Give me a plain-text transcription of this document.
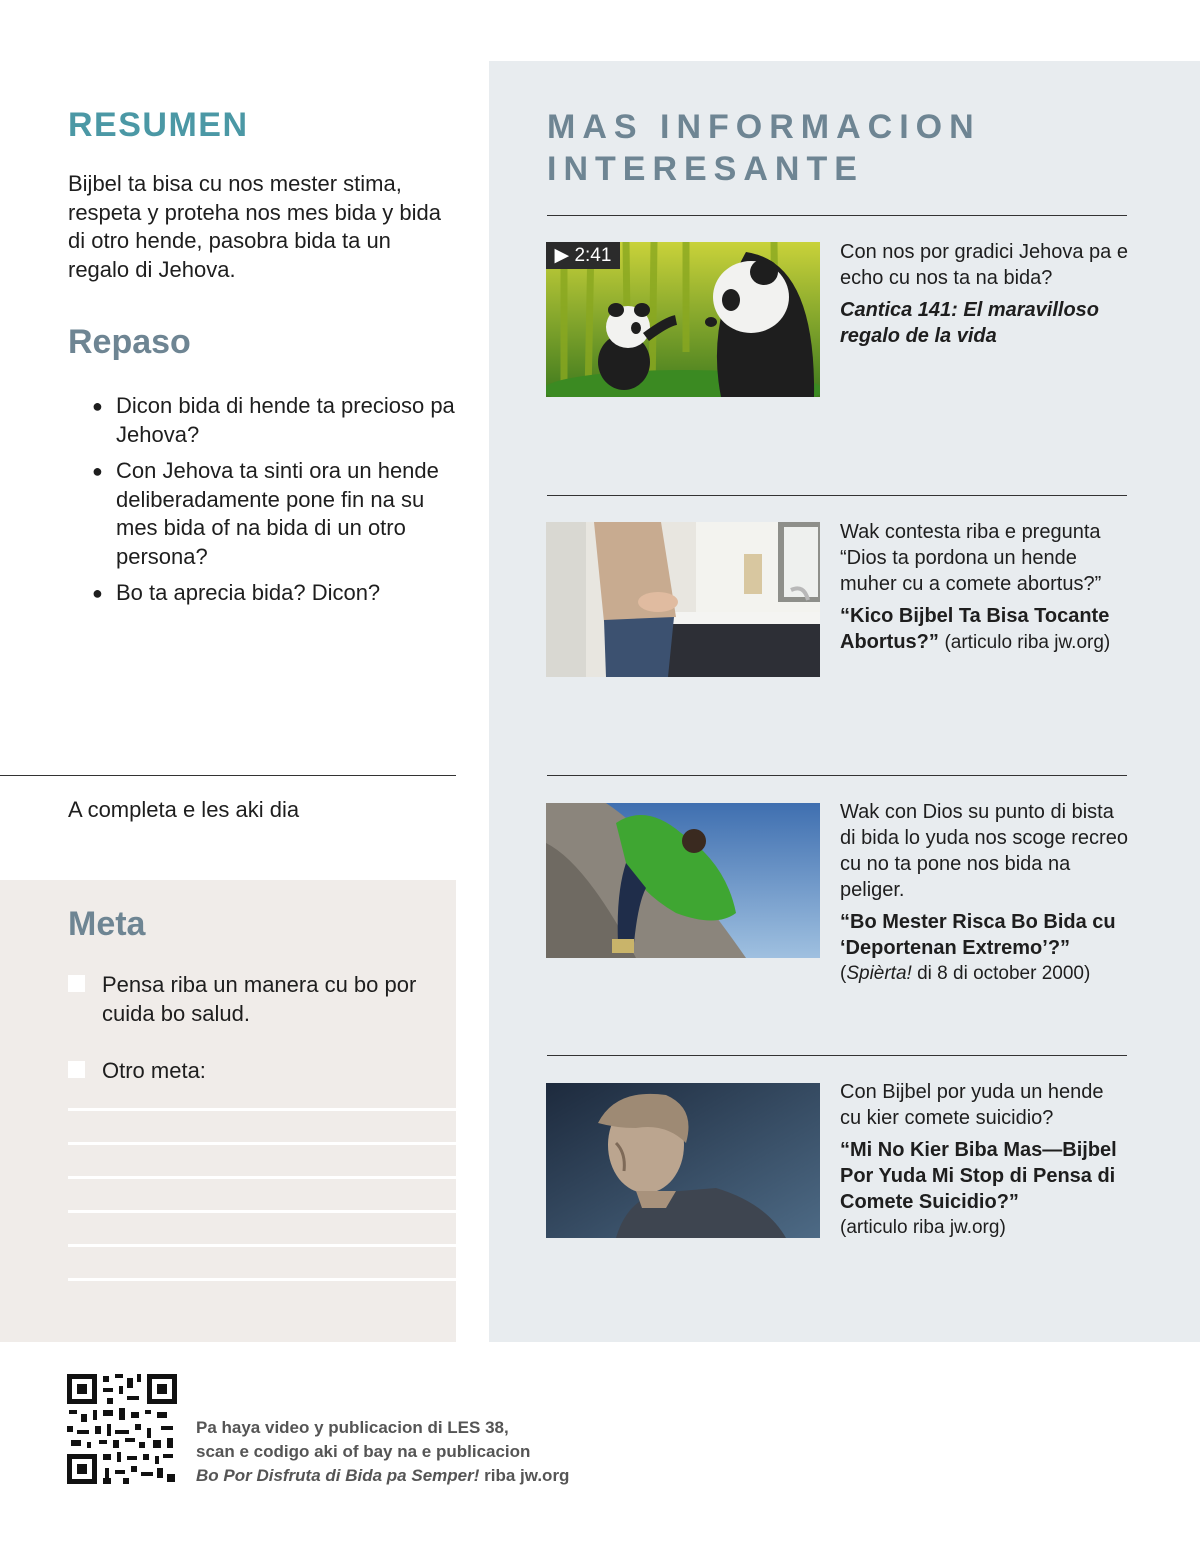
RESUMEN

Bijbel ta bisa cu nos mester stima, respeta y proteha nos mes bida y bida di otro hende, pasobra bida ta un regalo di Jehova.

Repaso
● Dicon bida di hende ta precioso pa Jehova?
● Con Jehova ta sinti ora un hende deliberadamente pone fin na su mes bida of na bida di un otro persona?
● Bo ta aprecia bida? Dicon?

A completa e les aki dia

Meta
Pensa riba un manera cu bo por cuida bo salud.
Otro meta:
MAS INFORMACION INTERESANTE
▶ 2:41	Con nos por gradici Jehova pa e echo cu nos ta na bida?

Cantica 141: El maravilloso regalo de la vida

Wak contesta riba e pregunta “Dios ta pordona un hende muher cu a comete abortus?”

“Kico Bijbel Ta Bisa Tocante Abortus?” (articulo riba jw.org)

Wak con Dios su punto di bista di bida lo yuda nos scoge recreo cu no ta pone nos bida na peliger.

“Bo Mester Risca Bo Bida cu ‘Deportenan Extremo’?”

(Spièrta! di 8 di october 2000)

Con Bijbel por yuda un hende cu kier comete suicidio?

“Mi No Kier Biba Mas—Bijbel Por Yuda Mi Stop di Pensa di Comete Suicidio?”

(articulo riba jw.org)

Pa haya video y publicacion di LES 38,
scan e codigo aki of bay na e publicacion
Bo Por Disfruta di Bida pa Semper! riba jw.org
